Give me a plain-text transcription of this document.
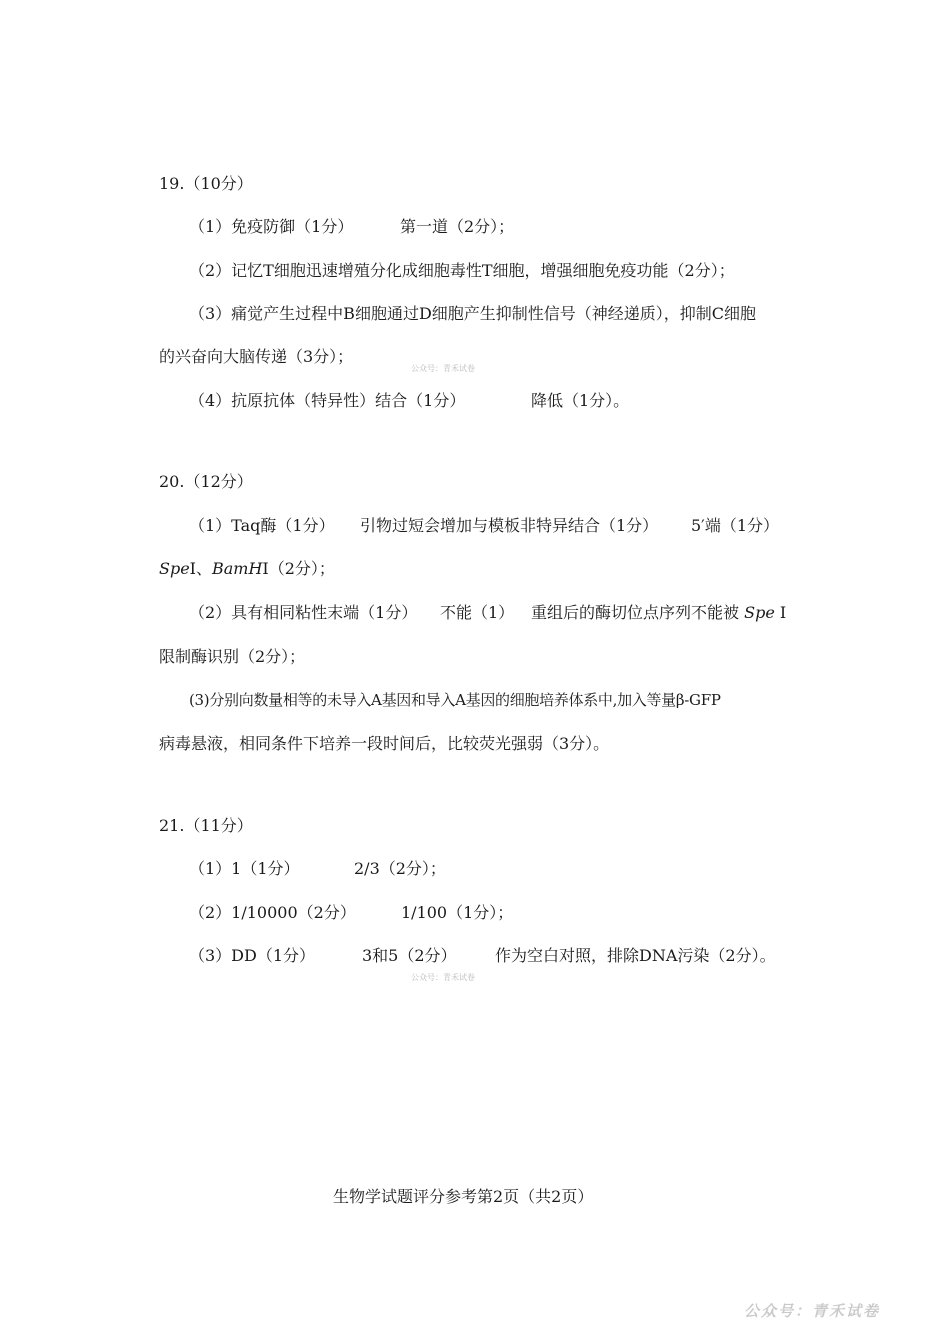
19.（10分）
（1）免疫防御（1分）	第一道（2分）；
（2）记忆T细胞迅速增殖分化成细胞毒性T细胞，增强细胞免疫功能（2分）；
（3）痛觉产生过程中B细胞通过D细胞产生抑制性信号（神经递质），抑制C细胞
的兴奋向大脑传递（3分）；
公众号：青禾试卷
（4）抗原抗体（特异性）结合（1分）	降低（1分）。
20.（12分）
（1）Taq酶（1分） 引物过短会增加与模板非特异结合（1分） 5′端（1分）
SpeI、BamHI（2分）；
（2）具有相同粘性末端（1分） 不能（1） 重组后的酶切位点序列不能被 Spe I
限制酶识别（2分）；
(3)分别向数量相等的未导入A基因和导入A基因的细胞培养体系中,加入等量β-GFP
病毒悬液，相同条件下培养一段时间后，比较荧光强弱（3分）。
21.（11分）
（1）1（1分）	2/3（2分）；
（2）1/10000（2分）	1/100（1分）；
（3）DD（1分）	3和5（2分） 作为空白对照，排除DNA污染（2分）。
公众号：青禾试卷
生物学试题评分参考第2页（共2页）
公众号：青禾试卷
